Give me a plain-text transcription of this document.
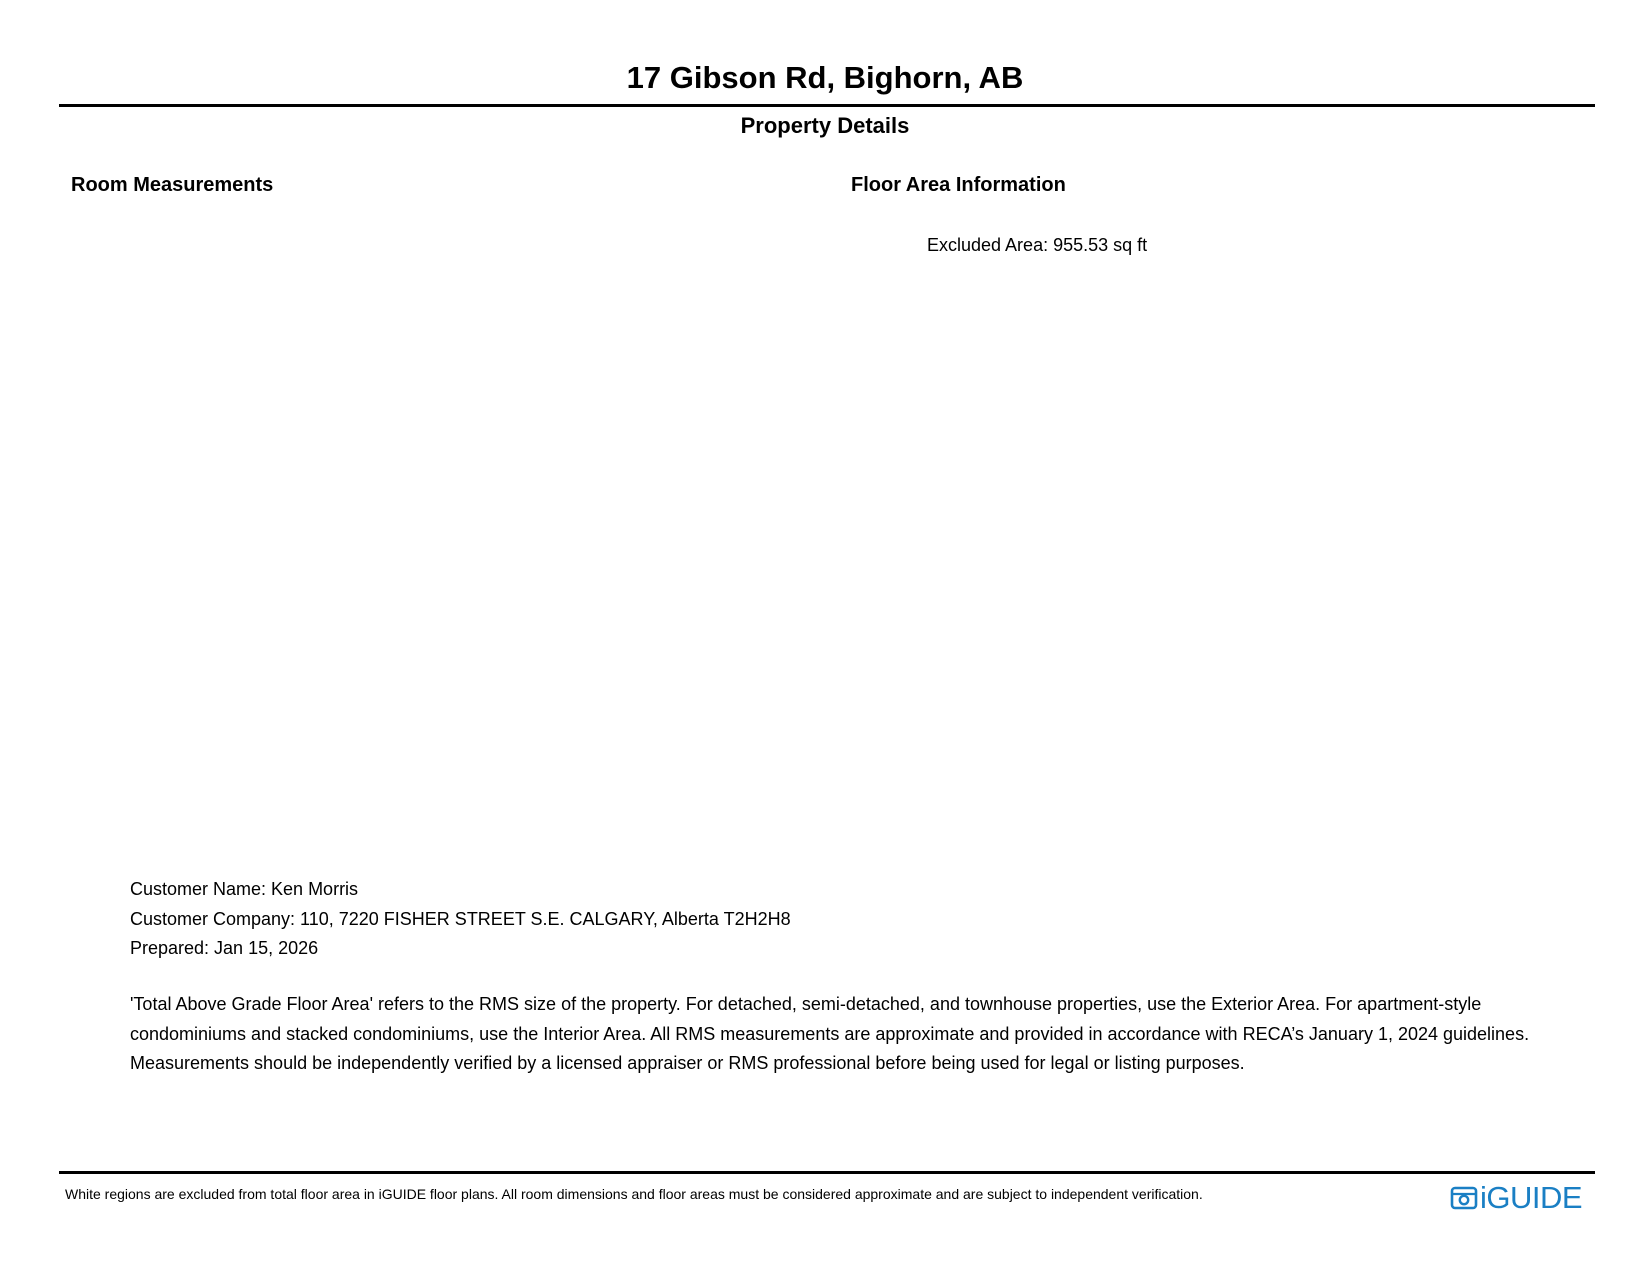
17 Gibson Rd, Bighorn, AB
Property Details
Room Measurements	Floor Area Information
Excluded Area: 955.53 sq ft
Customer Name: Ken Morris
Customer Company: 110, 7220 FISHER STREET S.E. CALGARY, Alberta T2H2H8
Prepared: Jan 15, 2026
'Total Above Grade Floor Area' refers to the RMS size of the property. For detached, semi-detached, and townhouse properties, use the Exterior Area. For apartment-style condominiums and stacked condominiums, use the Interior Area. All RMS measurements are approximate and provided in accordance with RECA’s January 1, 2024 guidelines. Measurements should be independently verified by a licensed appraiser or RMS professional before being used for legal or listing purposes.
White regions are excluded from total floor area in iGUIDE floor plans. All room dimensions and floor areas must be considered approximate and are subject to independent verification.	iGUIDE
